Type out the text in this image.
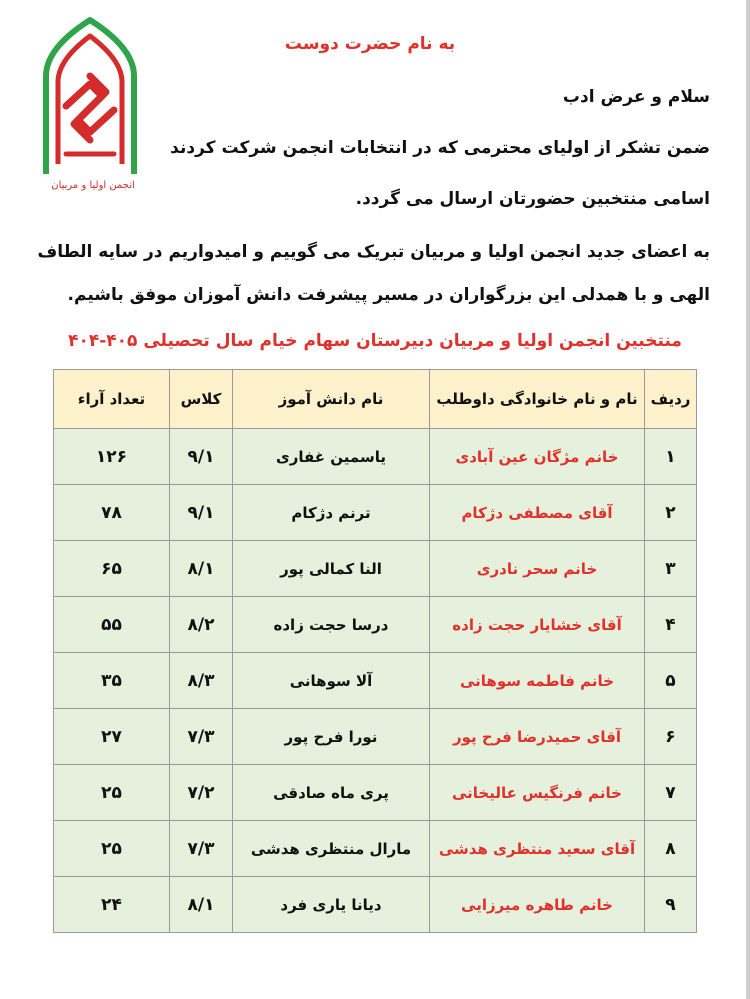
انجمن اولیا و مربیان
به نام حضرت دوست
سلام و عرض ادب
ضمن تشکر از اولیای محترمی که در انتخابات انجمن شرکت کردند
اسامی منتخبین حضورتان ارسال می گردد.
به اعضای جدید انجمن اولیا و مربیان تبریک می گوییم و امیدواریم در سایه الطاف
الهی و با همدلی این بزرگواران در مسیر پیشرفت دانش آموزان موفق باشیم.
منتخبین انجمن اولیا و مربیان دبیرستان سهام خیام سال تحصیلی ۴۰۵-۴۰۴
ردیف	نام و نام خانوادگی داوطلب	نام دانش آموز	کلاس	تعداد آراء
۱	خانم مژگان عین آبادی	یاسمین غفاری	۹/۱	۱۲۶
۲	آقای مصطفی دژکام	ترنم دژکام	۹/۱	۷۸
۳	خانم سحر نادری	النا کمالی پور	۸/۱	۶۵
۴	آقای خشایار حجت زاده	درسا حجت زاده	۸/۲	۵۵
۵	خانم فاطمه سوهانی	آلا سوهانی	۸/۳	۳۵
۶	آقای حمیدرضا فرح پور	نورا فرح پور	۷/۳	۲۷
۷	خانم فرنگیس عالیخانی	پری ماه صادقی	۷/۲	۲۵
۸	آقای سعید منتظری هدشی	مارال منتظری هدشی	۷/۳	۲۵
۹	خانم طاهره میرزایی	دیانا یاری فرد	۸/۱	۲۴
